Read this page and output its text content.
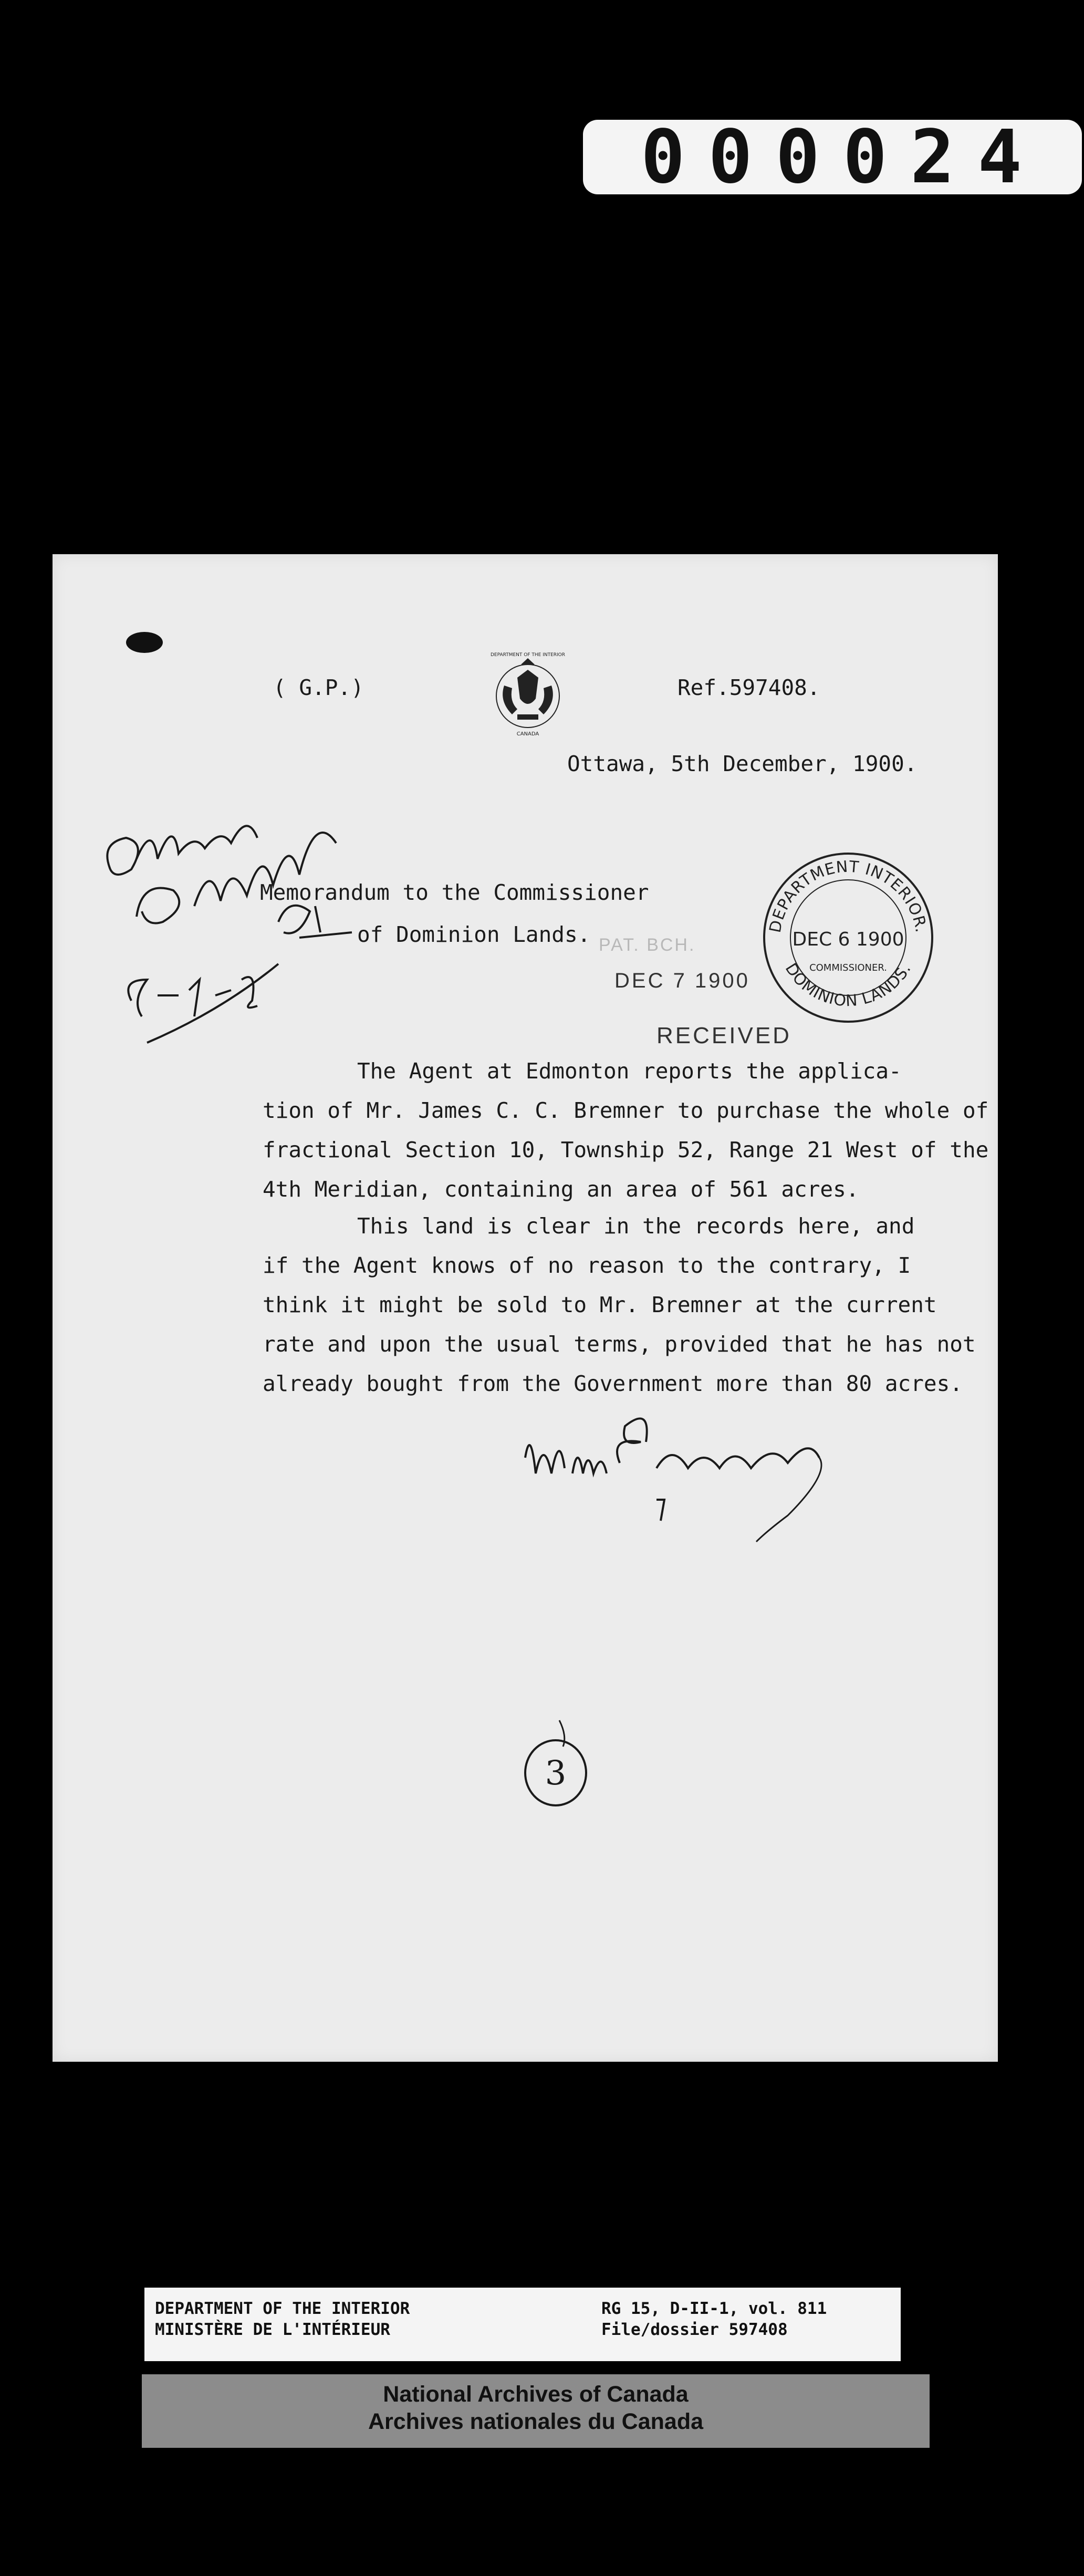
000024
( G.P.)
DEPARTMENT OF THE INTERIOR
CANADA
Ref.597408.
Ottawa, 5th December, 1900.
Memorandum to the Commissioner
of Dominion Lands. PAT. BCH.
DEC 7 1900
RECEIVED
DEPARTMENT INTERIOR.
DEC 6 1900
COMMISSIONER.
DOMINION LANDS.
The Agent at Edmonton reports the applica-
tion of Mr. James C. C. Bremner to purchase the whole of
fractional Section 10, Township 52, Range 21 West of the
4th Meridian, containing an area of 561 acres.
This land is clear in the records here, and
if the Agent knows of no reason to the contrary, I
think it might be sold to Mr. Bremner at the current
rate and upon the usual terms, provided that he has not
already bought from the Government more than 80 acres.
3
DEPARTMENT OF THE INTERIOR
MINISTÈRE DE L'INTÉRIEUR
RG 15, D-II-1, vol. 811
File/dossier 597408
National Archives of Canada
Archives nationales du Canada
